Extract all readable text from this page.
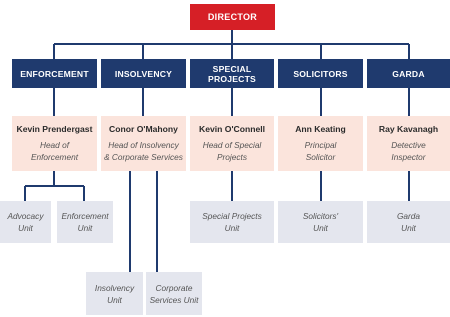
DIRECTOR
ENFORCEMENT	INSOLVENCY	SPECIAL PROJECTS	SOLICITORS	GARDA
Kevin Prendergast
Head of
Enforcement
Conor O'Mahony
Head of Insolvency
& Corporate Services
Kevin O'Connell
Head of Special
Projects
Ann Keating
Principal
Solicitor
Ray Kavanagh
Detective
Inspector
Advocacy
Unit
Enforcement
Unit
Special Projects
Unit
Solicitors'
Unit
Garda
Unit
Insolvency
Unit
Corporate
Services Unit
